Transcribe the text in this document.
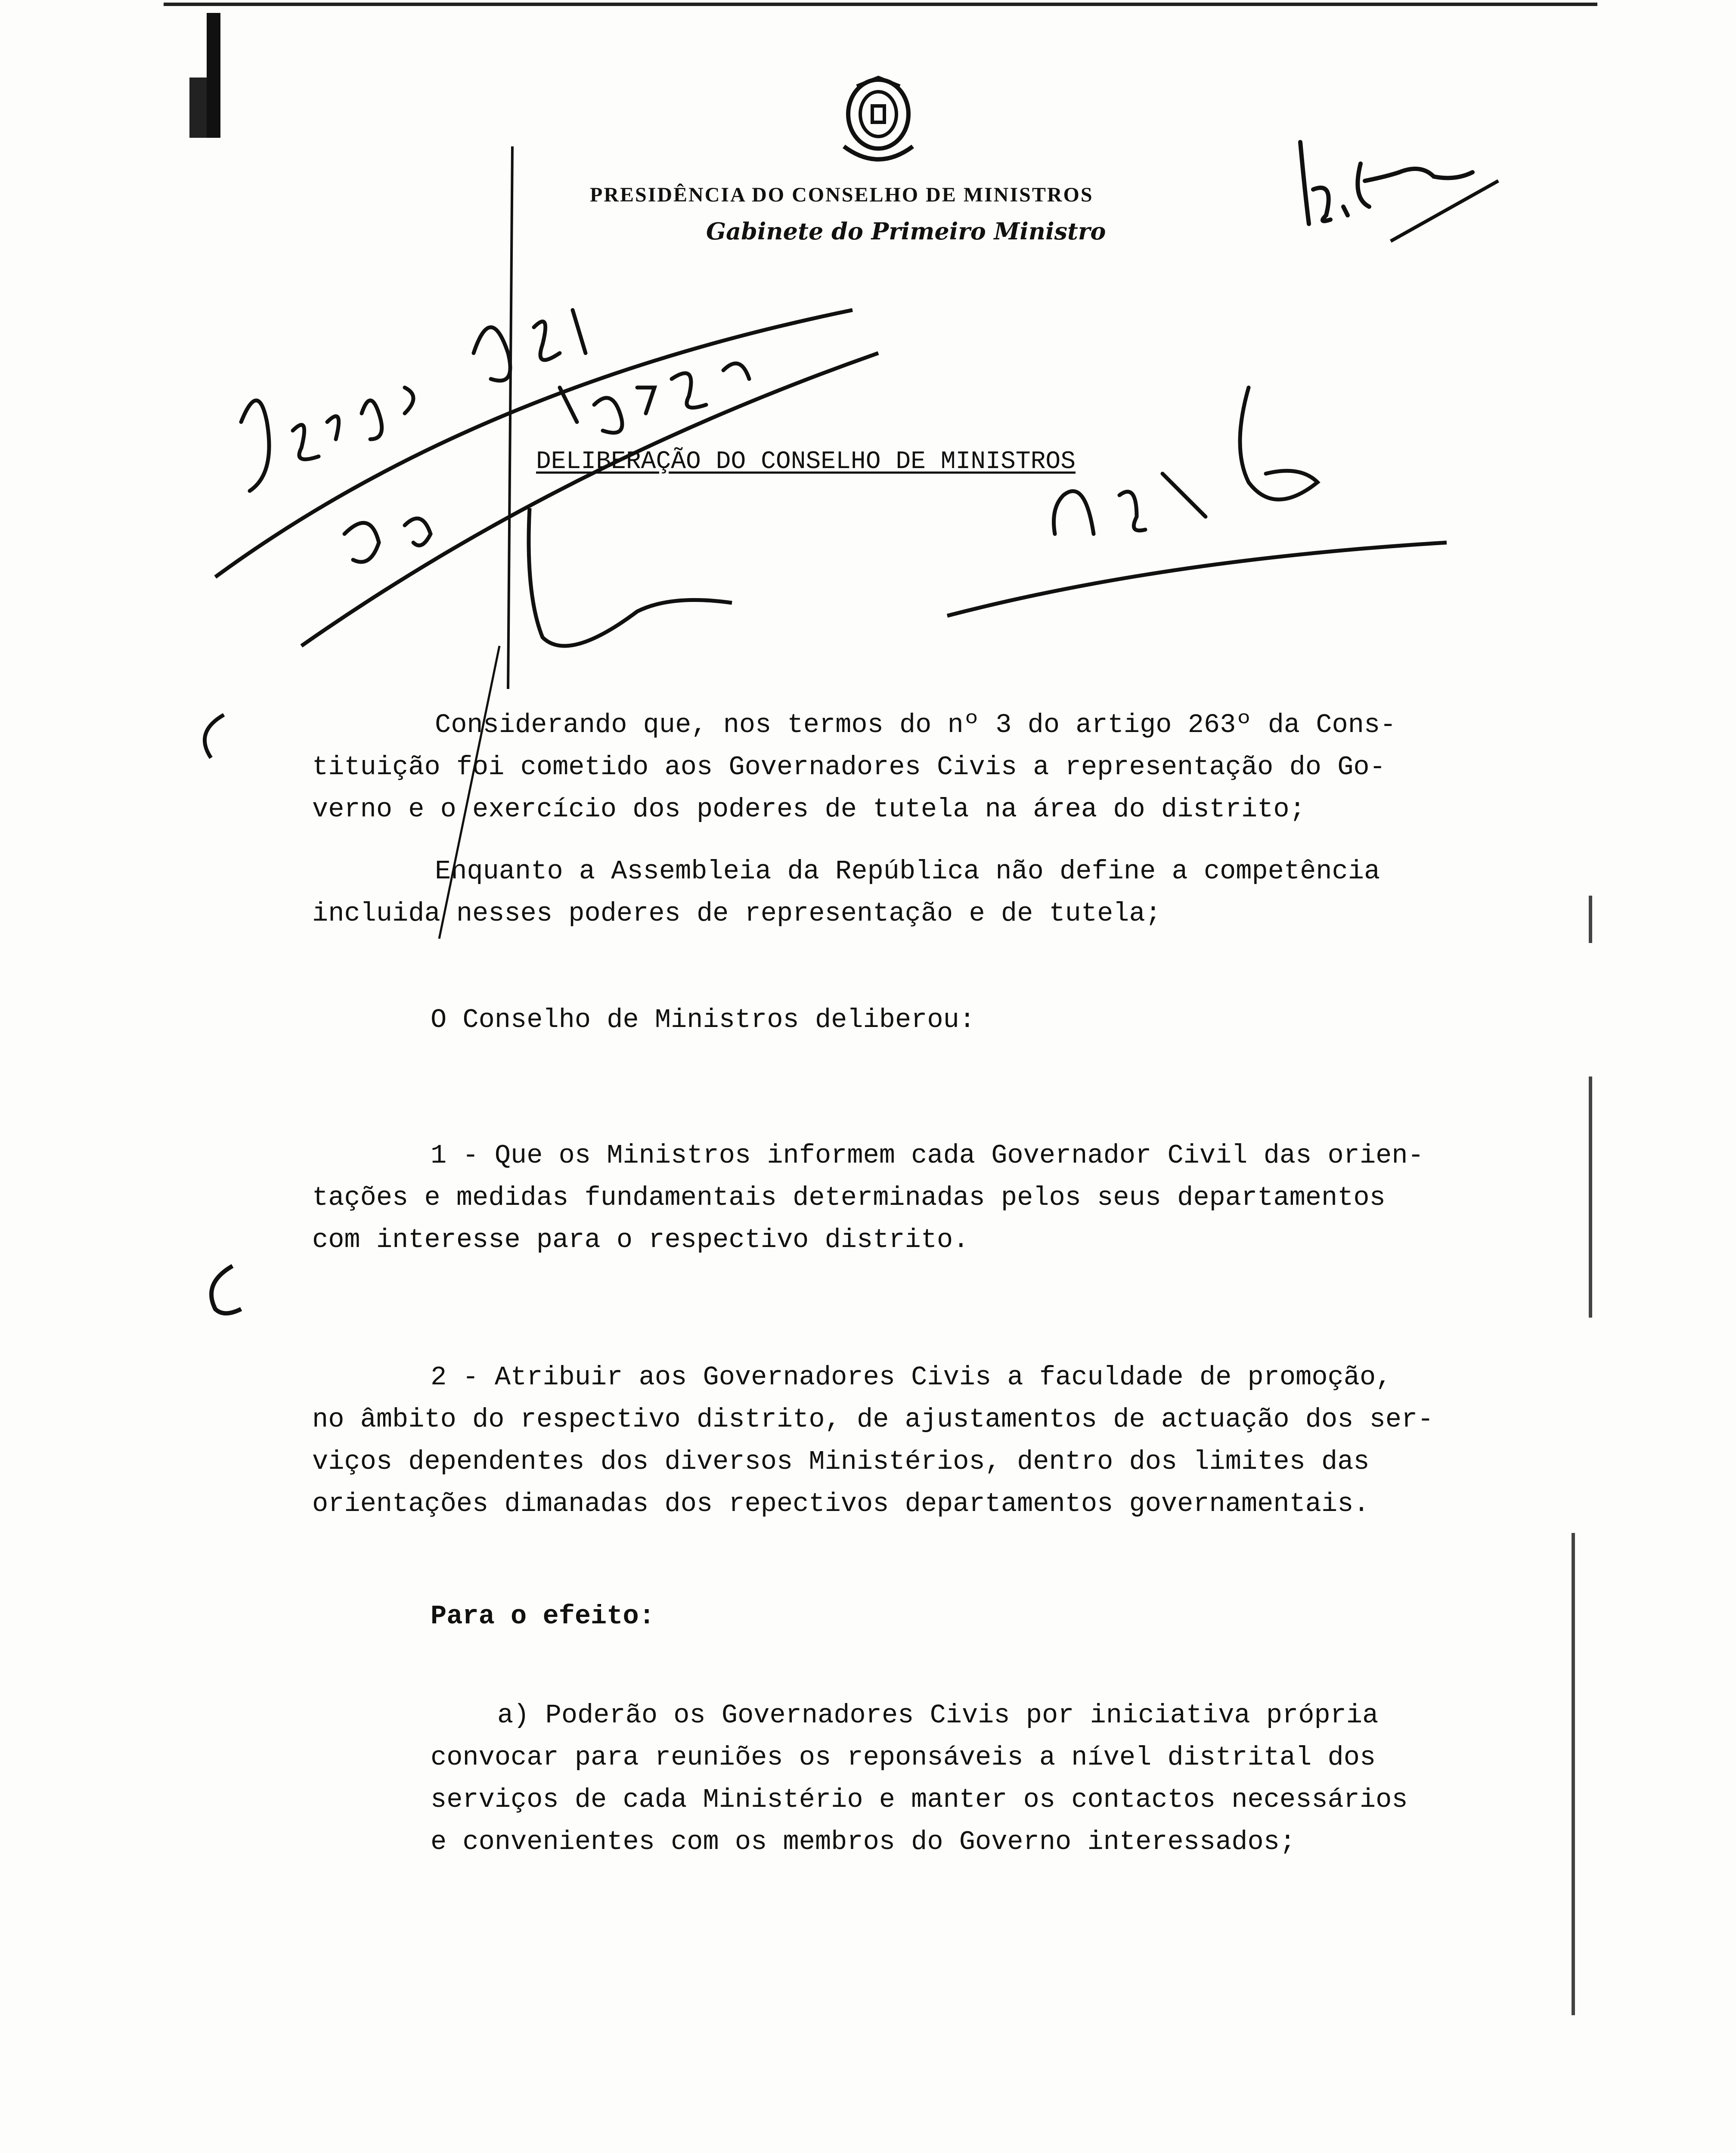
PRESIDÊNCIA DO CONSELHO DE MINISTROS
Gabinete do Primeiro Ministro
DELIBERAÇÃO DO CONSELHO DE MINISTROS
Considerando que, nos termos do nº 3 do artigo 263º da Cons-
tituição foi cometido aos Governadores Civis a representação do Go-
verno e o exercício dos poderes de tutela na área do distrito;
Enquanto a Assembleia da República não define a competência
incluida nesses poderes de representação e de tutela;
O Conselho de Ministros deliberou:
1 - Que os Ministros informem cada Governador Civil das orien-
tações e medidas fundamentais determinadas pelos seus departamentos
com interesse para o respectivo distrito.
2 - Atribuir aos Governadores Civis a faculdade de promoção,
no âmbito do respectivo distrito, de ajustamentos de actuação dos ser-
viços dependentes dos diversos Ministérios, dentro dos limites das
orientações dimanadas dos repectivos departamentos governamentais.
Para o efeito:
a) Poderão os Governadores Civis por iniciativa própria
convocar para reuniões os reponsáveis a nível distrital dos
serviços de cada Ministério e manter os contactos necessários
e convenientes com os membros do Governo interessados;
